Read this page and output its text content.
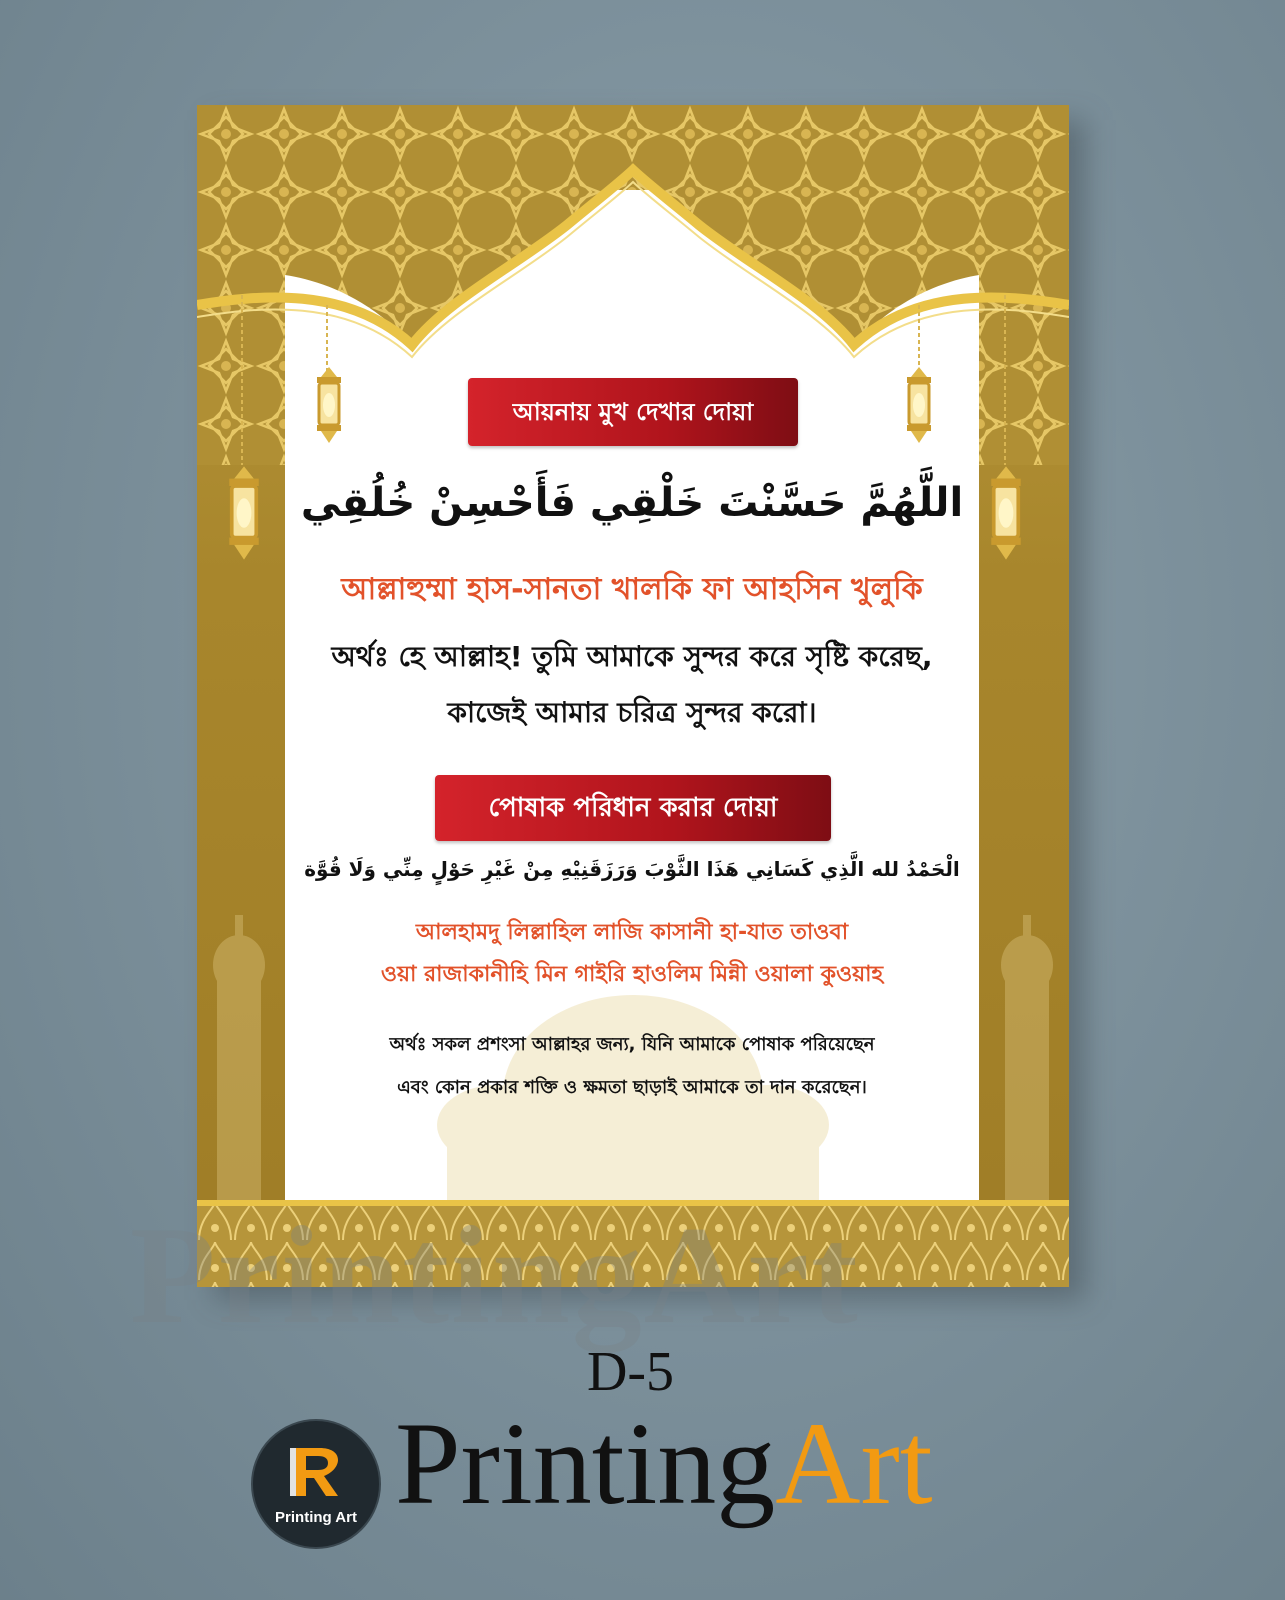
আয়নায় মুখ দেখার দোয়া
اللَّهُمَّ حَسَّنْتَ خَلْقِي فَأَحْسِنْ خُلُقِي
আল্লাহুম্মা হাস-সানতা খালকি ফা আহসিন খুলুকি
অর্থঃ হে আল্লাহ! তুমি আমাকে সুন্দর করে সৃষ্টি করেছ,
কাজেই আমার চরিত্র সুন্দর করো।
পোষাক পরিধান করার দোয়া
الْحَمْدُ لله الَّذِي كَسَانِي هَذَا الثَّوْبَ وَرَزَقَنِيْهِ مِنْ غَيْرِ حَوْلٍ مِنِّي وَلَا قُوَّة
আলহামদু লিল্লাহিল লাজি কাসানী হা-যাত তাওবা
ওয়া রাজাকানীহি মিন গাইরি হাওলিম মিন্নী ওয়ালা কুওয়াহ
অর্থঃ সকল প্রশংসা আল্লাহর জন্য, যিনি আমাকে পোষাক পরিয়েছেন
এবং কোন প্রকার শক্তি ও ক্ষমতা ছাড়াই আমাকে তা দান করেছেন।
PrintingArt
D-5
Printing Art PrintingArt
